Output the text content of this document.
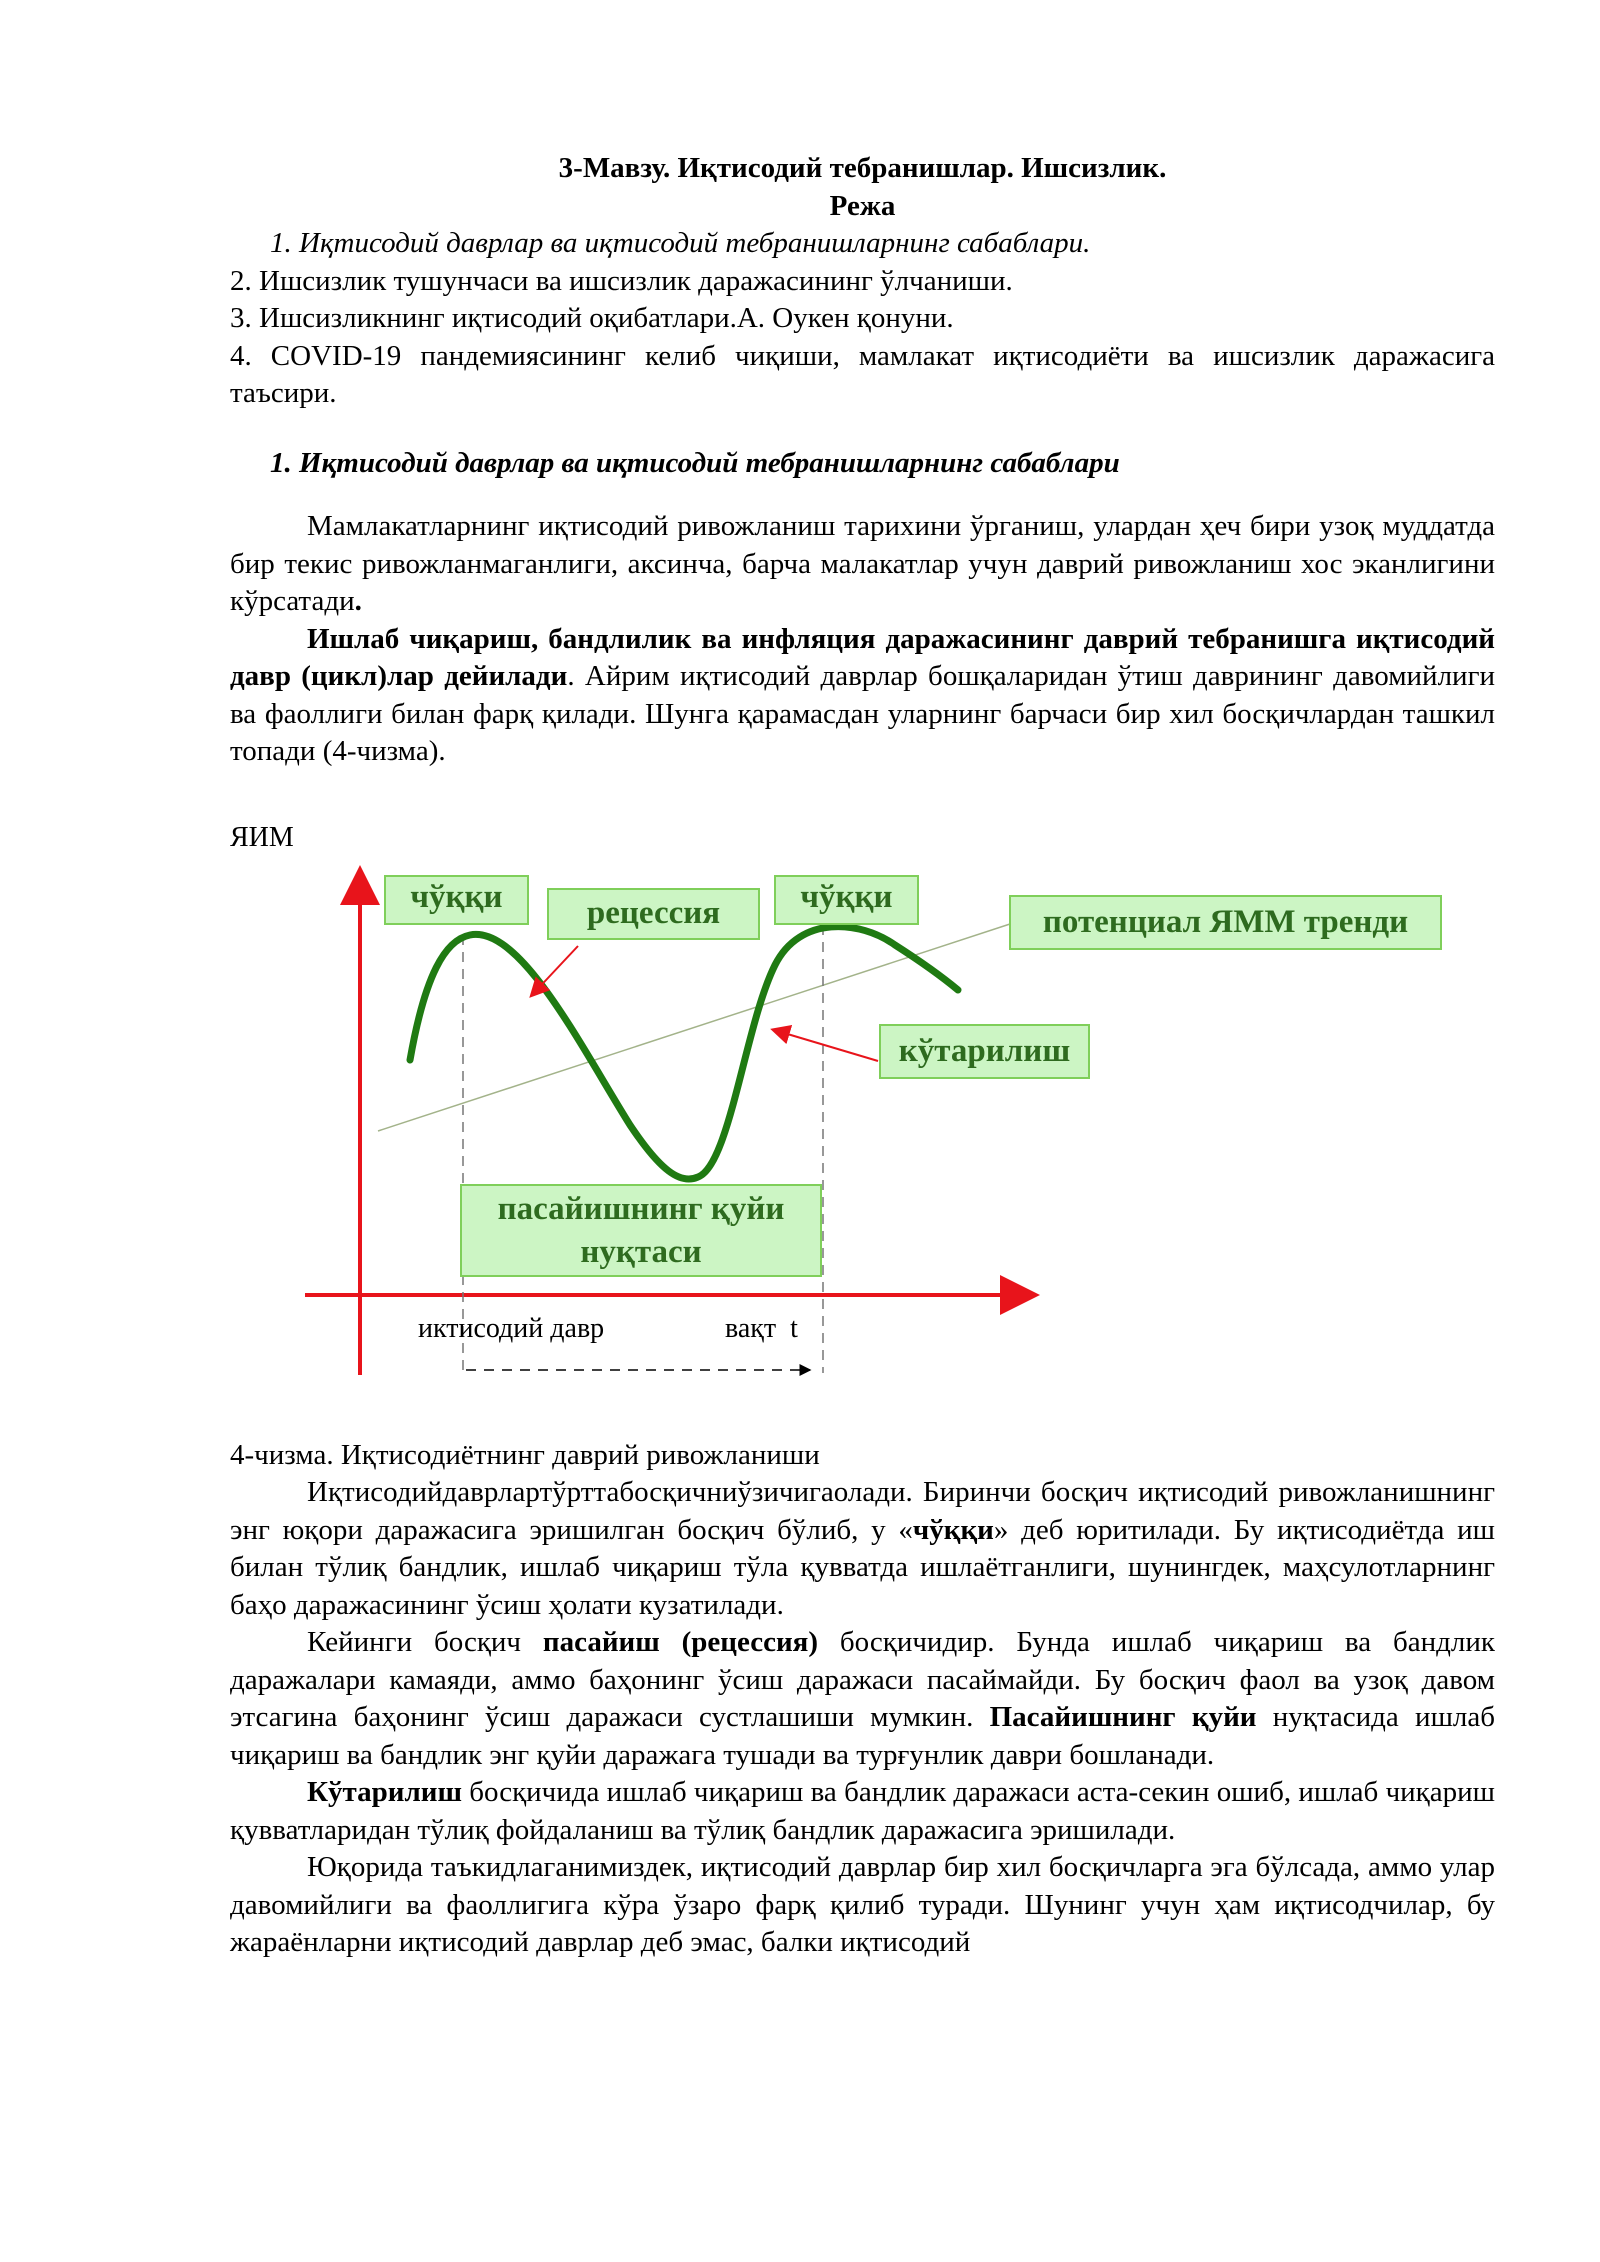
3-Мавзу. Иқтисодий тебранишлар. Ишсизлик.
Режа
1. Иқтисодий даврлар ва иқтисодий тебранишларнинг сабаблари.
2. Ишсизлик тушунчаси ва ишсизлик даражасининг ўлчаниши.
3. Ишсизликнинг иқтисодий оқибатлари.А. Оукен қонуни.
4. COVID-19 пандемиясининг келиб чиқиши, мамлакат иқтисодиёти ва ишсизлик даражасига таъсири.
1. Иқтисодий даврлар ва иқтисодий тебранишларнинг сабаблари
Мамлакатларнинг иқтисодий ривожланиш тарихини ўрганиш, улардан ҳеч бири узоқ муддатда бир текис ривожланмаганлиги, аксинча, барча малакатлар учун даврий ривожланиш хос эканлигини кўрсатади.
Ишлаб чиқариш, бандлилик ва инфляция даражасининг даврий тебранишга иқтисодий давр (цикл)лар дейилади. Айрим иқтисодий даврлар бошқаларидан ўтиш даврининг давомийлиги ва фаоллиги билан фарқ қилади. Шунга қарамасдан уларнинг барчаси бир хил босқичлардан ташкил топади (4-чизма).
ЯИМ
чўққи	рецессия	чўққи
потенциал ЯММ тренди
кўтарилиш
пасайишнинг қуйи нуқтаси
иктисодий давр	вақт  t
4-чизма. Иқтисодиётнинг даврий ривожланиши
Иқтисодийдаврлартўрттабосқичниўзичигаолади. Биринчи босқич иқтисодий ривожланишнинг энг юқори даражасига эришилган босқич бўлиб, у «чўққи» деб юритилади. Бу иқтисодиётда иш билан тўлиқ бандлик, ишлаб чиқариш тўла қувватда ишлаётганлиги, шунингдек, маҳсулотларнинг баҳо даражасининг ўсиш ҳолати кузатилади.
Кейинги босқич пасайиш (рецессия) босқичидир. Бунда ишлаб чиқариш ва бандлик даражалари камаяди, аммо баҳонинг ўсиш даражаси пасаймайди. Бу босқич фаол ва узоқ давом этсагина баҳонинг ўсиш даражаси сустлашиши мумкин. Пасайишнинг қуйи нуқтасида ишлаб чиқариш ва бандлик энг қуйи даражага тушади ва турғунлик даври бошланади.
Кўтарилиш босқичида ишлаб чиқариш ва бандлик даражаси аста-секин ошиб, ишлаб чиқариш қувватларидан тўлиқ фойдаланиш ва тўлиқ бандлик даражасига эришилади.
Юқорида таъкидлаганимиздек, иқтисодий даврлар бир хил босқичларга эга бўлсада, аммо улар давомийлиги ва фаоллигига кўра ўзаро фарқ қилиб туради. Шунинг учун ҳам иқтисодчилар, бу жараёнларни иқтисодий даврлар деб эмас, балки иқтисодий
